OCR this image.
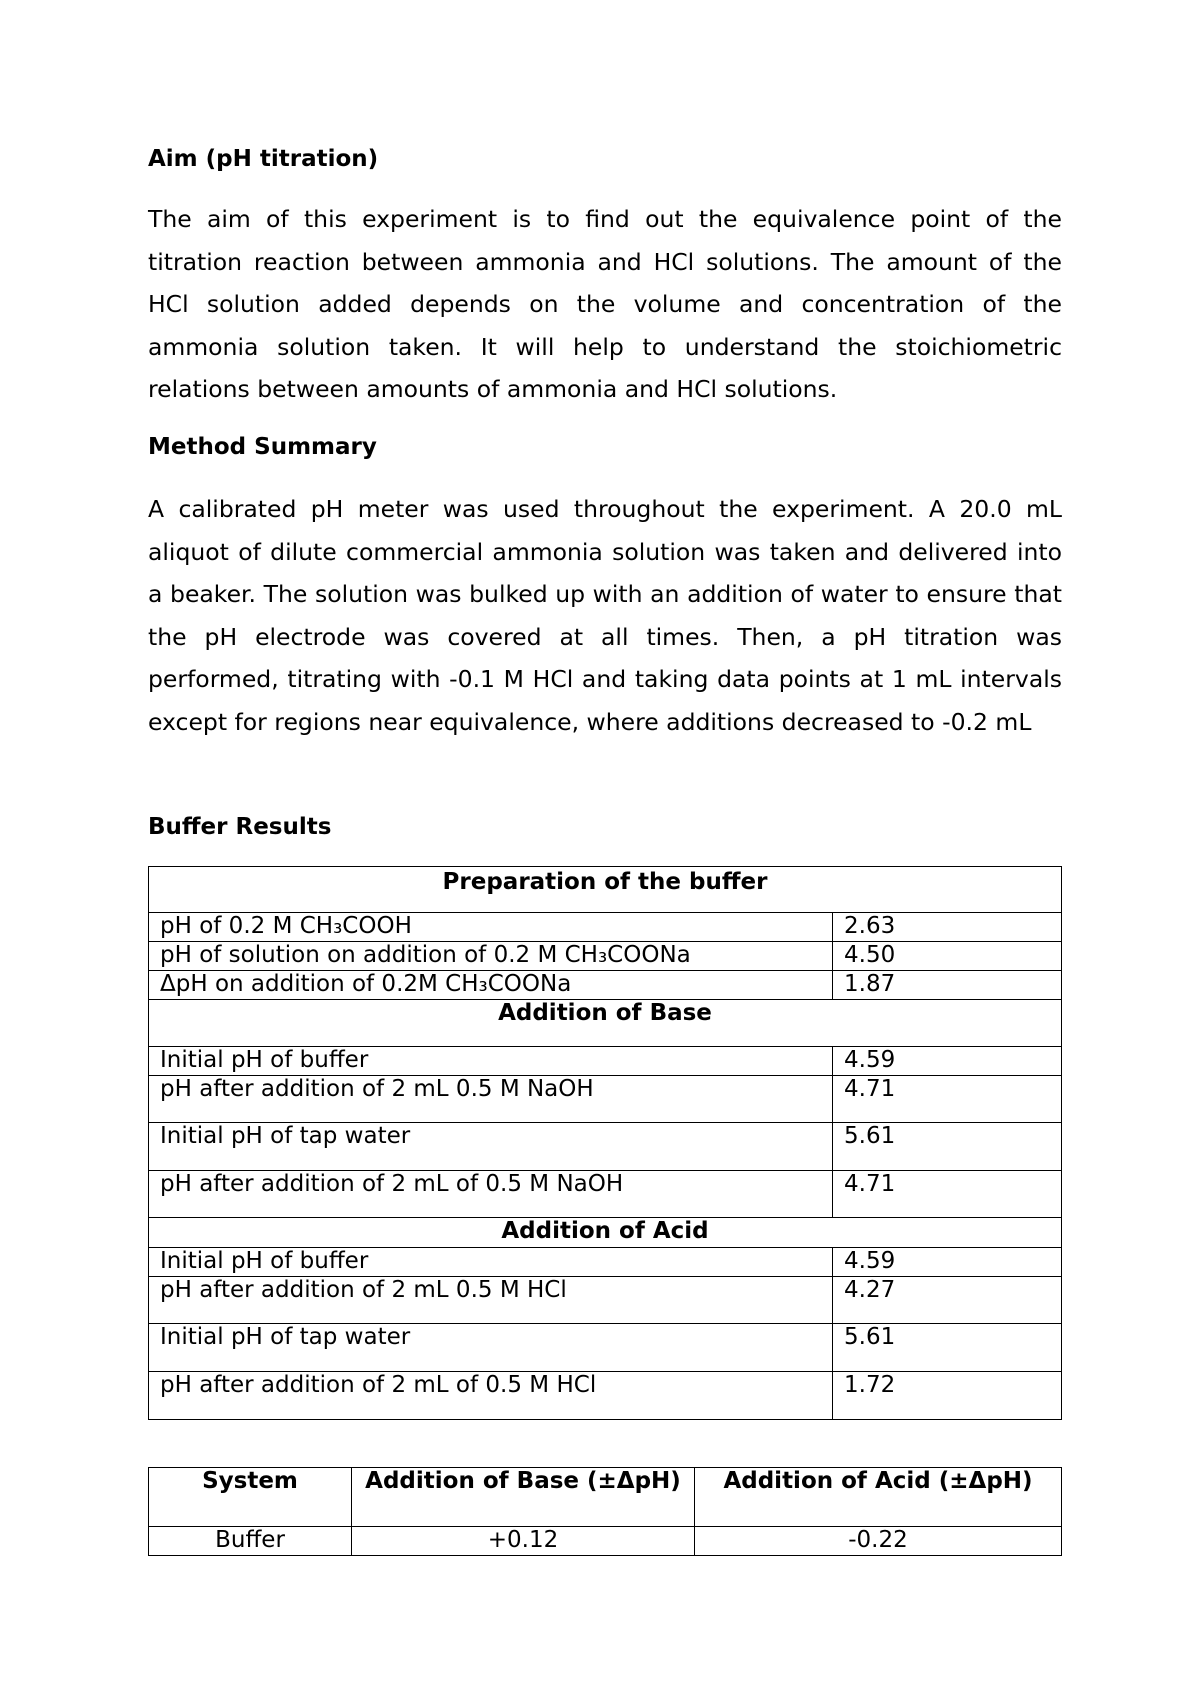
Aim (pH titration)

The aim of this experiment is to find out the equivalence point of the titration reaction between ammonia and HCl solutions. The amount of the HCl solution added depends on the volume and concentration of the ammonia solution taken. It will help to understand the stoichiometric relations between amounts of ammonia and HCl solutions.

Method Summary

A calibrated pH meter was used throughout the experiment. A 20.0 mL aliquot of dilute commercial ammonia solution was taken and delivered into a beaker. The solution was bulked up with an addition of water to ensure that the pH electrode was covered at all times. Then, a pH titration was performed, titrating with -0.1 M HCl and taking data points at 1 mL intervals except for regions near equivalence, where additions decreased to -0.2 mL

Buffer Results
Preparation of the buffer	
pH of 0.2 M CH₃COOH	2.63
pH of solution on addition of 0.2 M CH₃COONa	4.50
ΔpH on addition of 0.2M CH₃COONa	1.87
Addition of Base	
Initial pH of buffer	4.59
pH after addition of 2 mL 0.5 M NaOH	4.71
Initial pH of tap water	5.61
pH after addition of 2 mL of 0.5 M NaOH	4.71
Addition of Acid	
Initial pH of buffer	4.59
pH after addition of 2 mL 0.5 M HCl	4.27
Initial pH of tap water	5.61
pH after addition of 2 mL of 0.5 M HCl	1.72
System	Addition of Base (±ΔpH)	Addition of Acid (±ΔpH)
Buffer	+0.12	-0.22
